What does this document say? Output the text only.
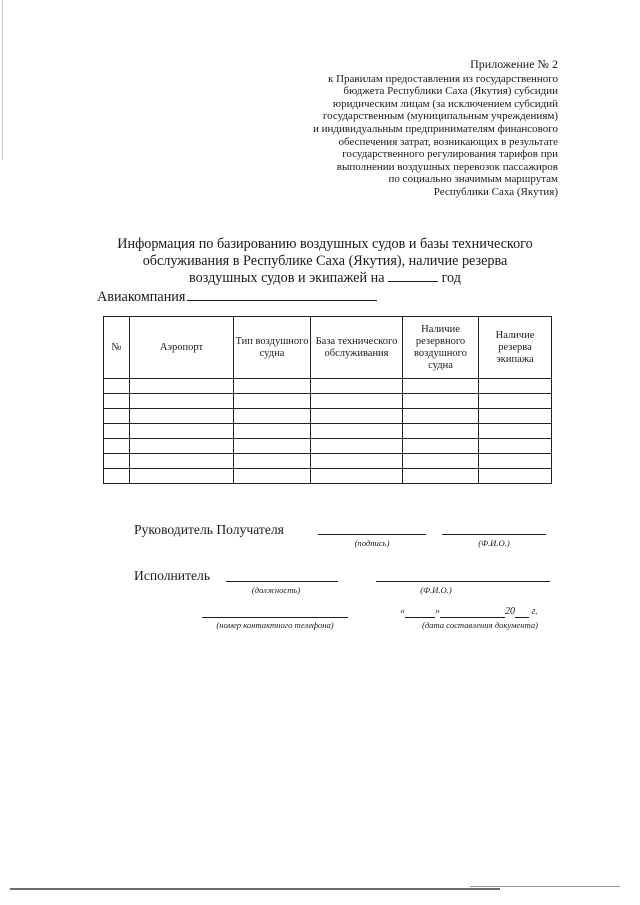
Приложение № 2
к Правилам предоставления из государственного
бюджета Республики Саха (Якутия) субсидии
юридическим лицам (за исключением субсидий
государственным (муниципальным учреждениям)
и индивидуальным предпринимателям финансового
обеспечения затрат, возникающих в результате
государственного регулирования тарифов при
выполнении воздушных перевозок пассажиров
по социально значимым маршрутам
Республики Саха (Якутия)
Информация по базированию воздушных судов и базы технического
обслуживания в Республике Саха (Якутия), наличие резерва
воздушных судов и экипажей на	год
Авиакомпания
№	Аэропорт	Тип воздушного судна	База технического обслуживания	Наличие резервного воздушного судна	Наличие резерва экипажа

Руководитель Получателя
(подпись)	(Ф.И.О.)
Исполнитель
(должность)	(Ф.И.О.)
(номер контактного телефона)
«	»	20 г.
(дата составления документа)
